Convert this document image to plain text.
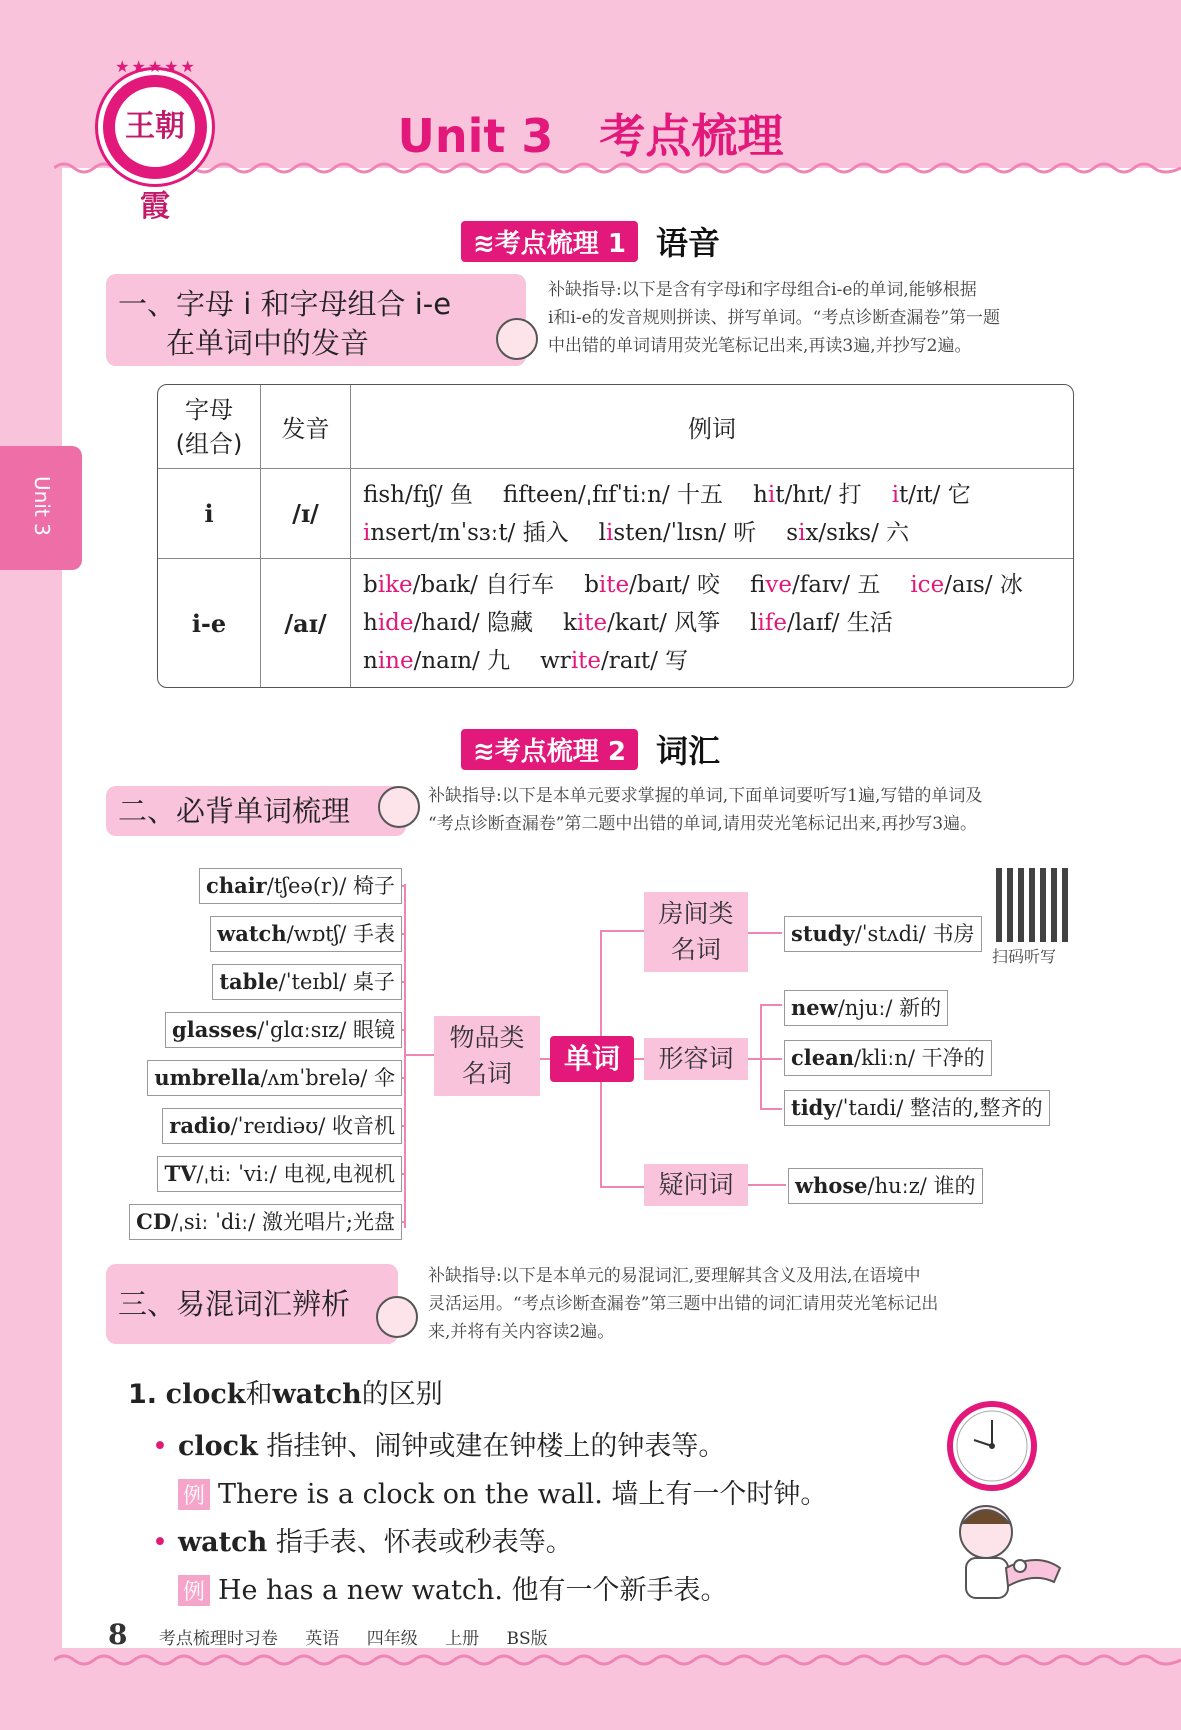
★★★★★
王朝霞
Unit 3　考点梳理
Unit 3
≋考点梳理 1 语音
一、字母 i 和字母组合 i-e
在单词中的发音
补缺指导:以下是含有字母i和字母组合i-e的单词,能够根据
i和i-e的发音规则拼读、拼写单词。“考点诊断查漏卷”第一题
中出错的单词请用荧光笔标记出来,再读3遍,并抄写2遍。
字母
(组合)	发音	例词
i	/ɪ/	fsh/fɪʃ/ 鱼 ffteen/ˌfɪfˈtiːn/ 十五 hit/hɪt/ 打 it/ɪt/ 它
insert/ɪnˈsɜːt/ 插入 listen/ˈlɪsn/ 听 six/sɪks/ 六

i-e	/aɪ/	bike/baɪk/ 自行车 bite/baɪt/ 咬 five/faɪv/ 五 ice/aɪs/ 冰
hide/haɪd/ 隐藏 kite/kaɪt/ 风筝 life/laɪf/ 生活
nine/naɪn/ 九 write/raɪt/ 写
≋考点梳理 2 词汇
二、必背单词梳理	补缺指导:以下是本单元要求掌握的单词,下面单词要听写1遍,写错的单词及
“考点诊断查漏卷”第二题中出错的单词,请用荧光笔标记出来,再抄写3遍。
物品类
名词	单词
房间类
名词
形容词
疑问词
chair/tʃeə(r)/ 椅子
watch/wɒtʃ/ 手表
table/ˈteɪbl/ 桌子
glasses/ˈglɑːsɪz/ 眼镜
umbrella/ʌmˈbrelə/ 伞
radio/ˈreɪdiəʊ/ 收音机
TV/ˌtiː ˈviː/ 电视,电视机
CD/ˌsiː ˈdiː/ 激光唱片;光盘
study/ˈstʌdi/ 书房
new/njuː/ 新的
clean/kliːn/ 干净的
tidy/ˈtaɪdi/ 整洁的,整齐的
whose/huːz/ 谁的
扫码听写
三、易混词汇辨析
补缺指导:以下是本单元的易混词汇,要理解其含义及用法,在语境中
灵活运用。“考点诊断查漏卷”第三题中出错的词汇请用荧光笔标记出
来,并将有关内容读2遍。
1. clock和watch的区别
• clock 指挂钟、闹钟或建在钟楼上的钟表等。
例 There is a clock on the wall. 墙上有一个时钟。
• watch 指手表、怀表或秒表等。
例 He has a new watch. 他有一个新手表。
8 考点梳理时习卷 英语 四年级 上册 BS版
